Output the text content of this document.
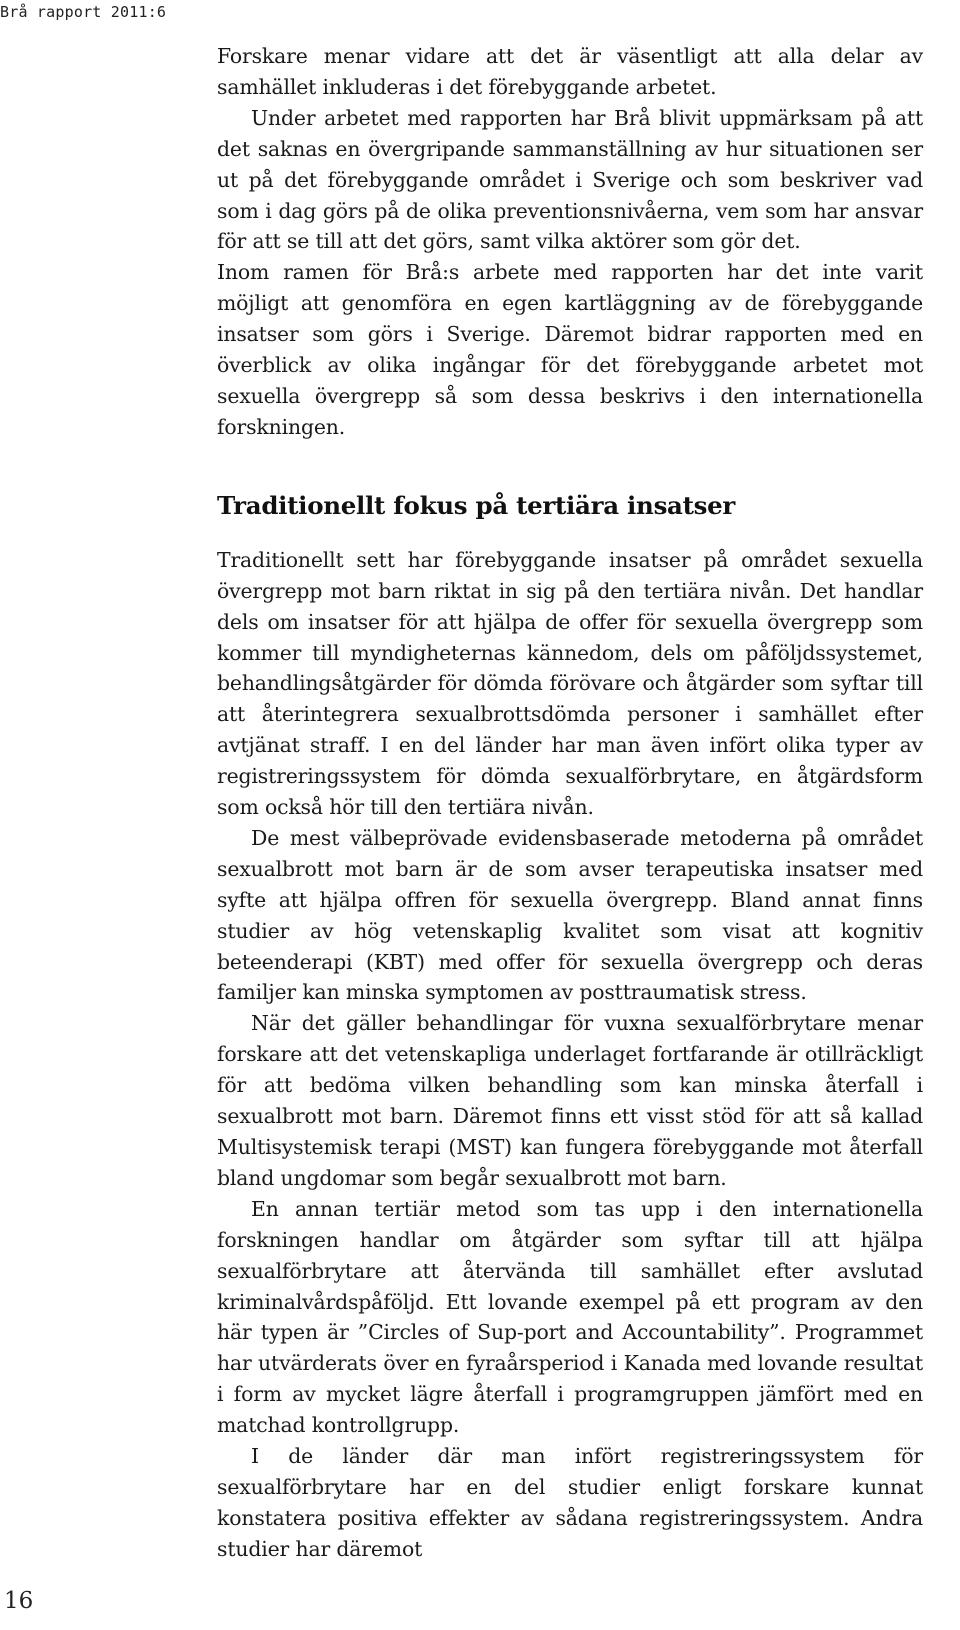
Brå rapport 2011:6

Forskare menar vidare att det är väsentligt att alla delar av samhället inkluderas i det förebyggande arbetet.

Under arbetet med rapporten har Brå blivit uppmärksam på att det saknas en övergripande sammanställning av hur situationen ser ut på det förebyggande området i Sverige och som beskriver vad som i dag görs på de olika preventionsnivåerna, vem som har ansvar för att se till att det görs, samt vilka aktörer som gör det.

Inom ramen för Brå:s arbete med rapporten har det inte varit möjligt att genomföra en egen kartläggning av de förebyggande insatser som görs i Sverige. Däremot bidrar rapporten med en överblick av olika ingångar för det förebyggande arbetet mot sexuella övergrepp så som dessa beskrivs i den internationella forskningen.

Traditionellt fokus på tertiära insatser

Traditionellt sett har förebyggande insatser på området sexuella övergrepp mot barn riktat in sig på den tertiära nivån. Det handlar dels om insatser för att hjälpa de offer för sexuella övergrepp som kommer till myndigheternas kännedom, dels om påföljdssystemet, behandlingsåtgärder för dömda förövare och åtgärder som syftar till att återintegrera sexualbrottsdömda personer i samhället efter avtjänat straff. I en del länder har man även infört olika typer av registreringssystem för dömda sexualförbrytare, en åtgärdsform som också hör till den tertiära nivån.

De mest välbeprövade evidensbaserade metoderna på området sexualbrott mot barn är de som avser terapeutiska insatser med syfte att hjälpa offren för sexuella övergrepp. Bland annat finns studier av hög vetenskaplig kvalitet som visat att kognitiv beteenderapi (KBT) med offer för sexuella övergrepp och deras familjer kan minska symptomen av posttraumatisk stress.

När det gäller behandlingar för vuxna sexualförbrytare menar forskare att det vetenskapliga underlaget fortfarande är otillräckligt för att bedöma vilken behandling som kan minska återfall i sexualbrott mot barn. Däremot finns ett visst stöd för att så kallad Multisystemisk terapi (MST) kan fungera förebyggande mot återfall bland ungdomar som begår sexualbrott mot barn.

En annan tertiär metod som tas upp i den internationella forskningen handlar om åtgärder som syftar till att hjälpa sexualförbrytare att återvända till samhället efter avslutad kriminalvårdspåföljd. Ett lovande exempel på ett program av den här typen är ”Circles of Sup-port and Accountability”. Programmet har utvärderats över en fyraårsperiod i Kanada med lovande resultat i form av mycket lägre återfall i programgruppen jämfört med en matchad kontrollgrupp.

I de länder där man infört registreringssystem för sexualförbrytare har en del studier enligt forskare kunnat konstatera positiva effekter av sådana registreringssystem. Andra studier har däremot

16
